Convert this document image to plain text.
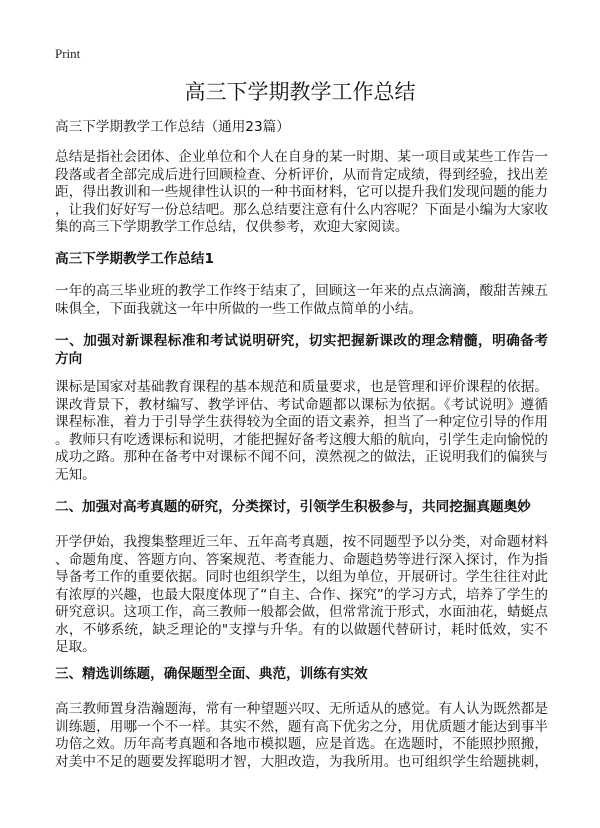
Print
高三下学期教学工作总结
高三下学期教学工作总结（通用23篇）
总结是指社会团体、企业单位和个人在自身的某一时期、某一项目或某些工作告一
段落或者全部完成后进行回顾检查、分析评价，从而肯定成绩，得到经验，找出差
距，得出教训和一些规律性认识的一种书面材料，它可以提升我们发现问题的能力
，让我们好好写一份总结吧。那么总结要注意有什么内容呢？下面是小编为大家收
集的高三下学期教学工作总结，仅供参考，欢迎大家阅读。
高三下学期教学工作总结1
一年的高三毕业班的教学工作终于结束了，回顾这一年来的点点滴滴，酸甜苦辣五
味俱全，下面我就这一年中所做的一些工作做点简单的小结。
一、加强对新课程标准和考试说明研究，切实把握新课改的理念精髓，明确备考
方向
课标是国家对基础教育课程的基本规范和质量要求，也是管理和评价课程的依据。
课改背景下，教材编写、教学评估、考试命题都以课标为依据。《考试说明》遵循
课程标准，着力于引导学生获得较为全面的语文素养，担当了一种定位引导的作用
。教师只有吃透课标和说明，才能把握好备考这艘大船的航向，引学生走向愉悦的
成功之路。那种在备考中对课标不闻不问，漠然视之的做法，正说明我们的偏狭与
无知。
二、加强对高考真题的研究，分类探讨，引领学生积极参与，共同挖掘真题奥妙
开学伊始，我搜集整理近三年、五年高考真题，按不同题型予以分类，对命题材料
、命题角度、答题方向、答案规范、考查能力、命题趋势等进行深入探讨，作为指
导备考工作的重要依据。同时也组织学生，以组为单位，开展研讨。学生往往对此
有浓厚的兴趣，也最大限度体现了“自主、合作、探究”的学习方式，培养了学生的
研究意识。这项工作，高三教师一般都会做，但常常流于形式，水面油花，蜻蜓点
水，不够系统，缺乏理论的"支撑与升华。有的以做题代替研讨，耗时低效，实不
足取。
三、精选训练题，确保题型全面、典范，训练有实效
高三教师置身浩瀚题海，常有一种望题兴叹、无所适从的感觉。有人认为既然都是
训练题，用哪一个不一样。其实不然，题有高下优劣之分，用优质题才能达到事半
功倍之效。历年高考真题和各地市模拟题，应是首选。在选题时，不能照抄照搬，
对美中不足的题要发挥聪明才智，大胆改造，为我所用。也可组织学生给题挑刺，
